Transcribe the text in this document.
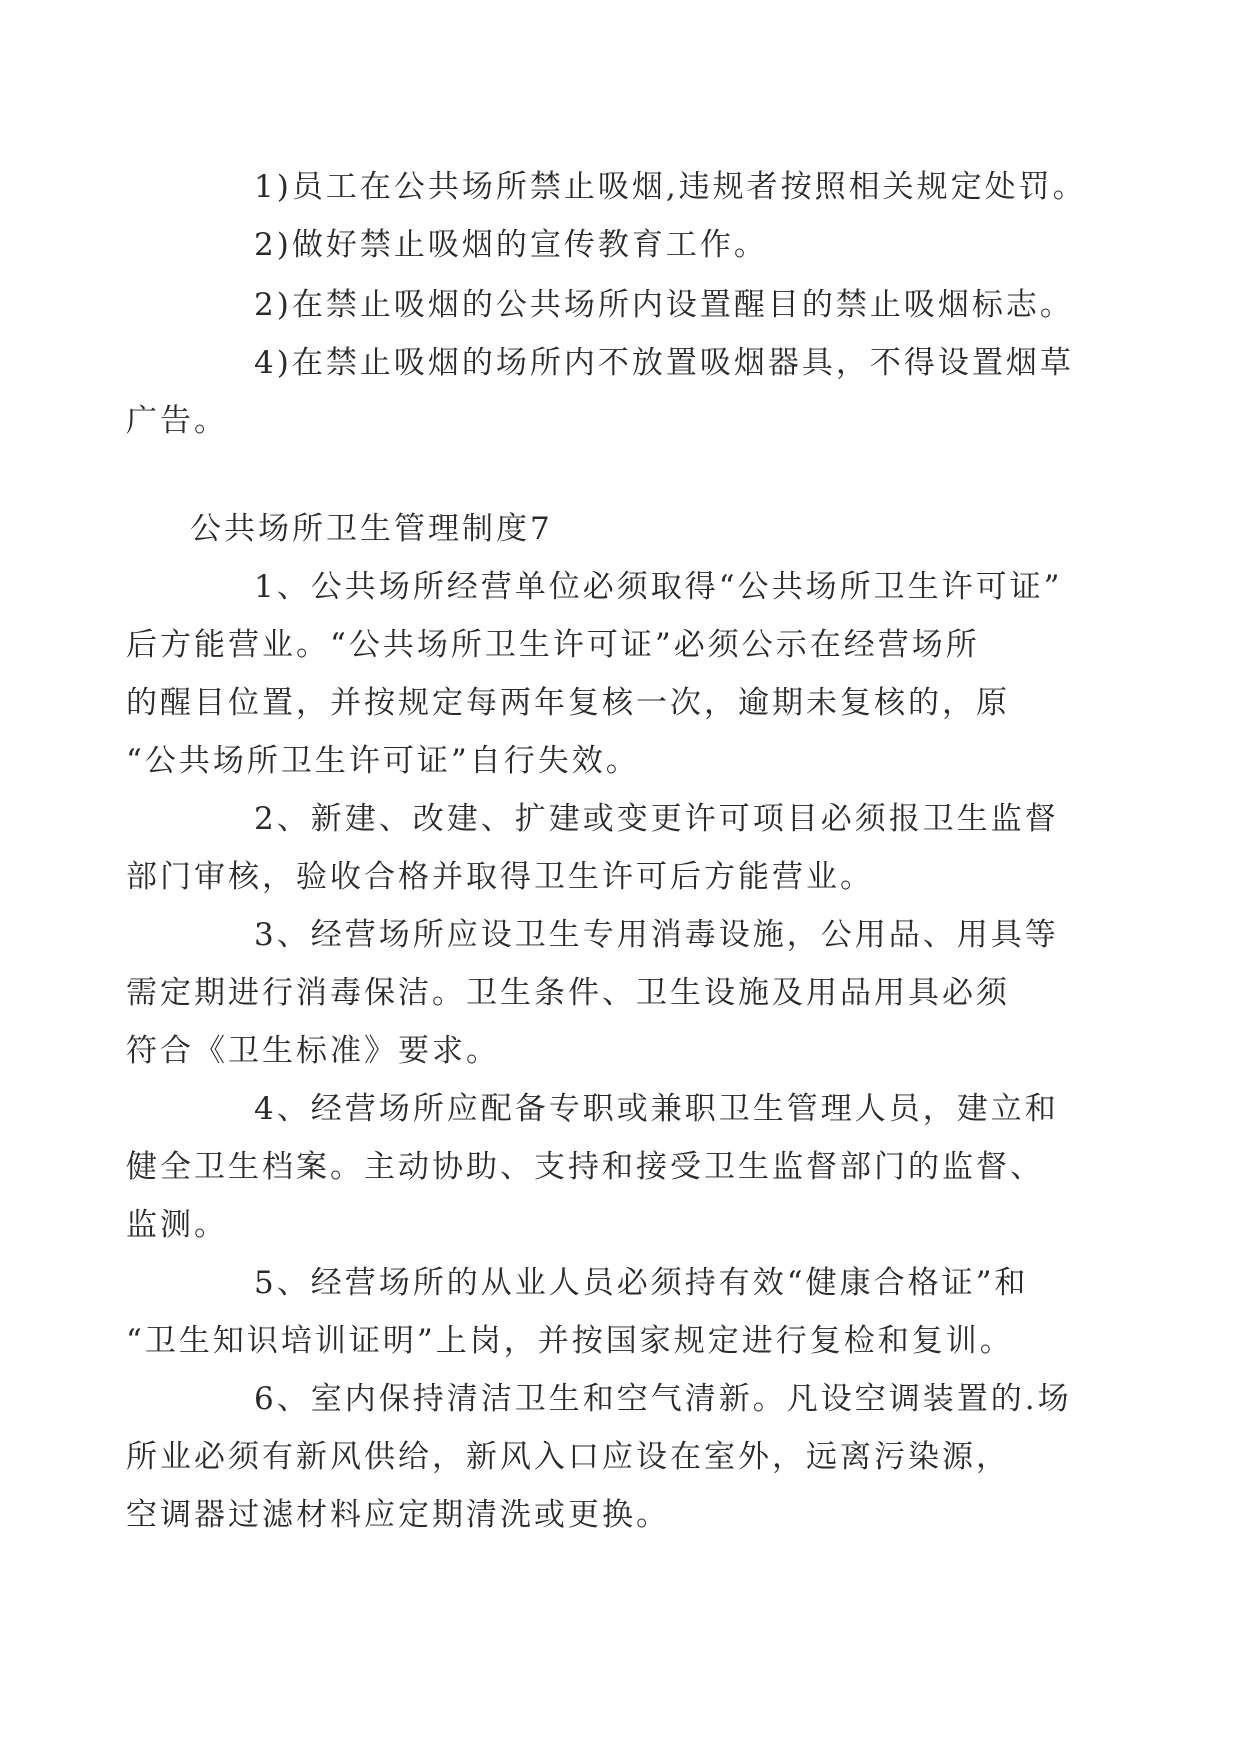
1)员工在公共场所禁止吸烟,违规者按照相关规定处罚。

2)做好禁止吸烟的宣传教育工作。

2)在禁止吸烟的公共场所内设置醒目的禁止吸烟标志。

4)在禁止吸烟的场所内不放置吸烟器具，不得设置烟草
广告。

公共场所卫生管理制度7

1、公共场所经营单位必须取得“公共场所卫生许可证”
后方能营业。“公共场所卫生许可证”必须公示在经营场所
的醒目位置，并按规定每两年复核一次，逾期未复核的，原
“公共场所卫生许可证”自行失效。

2、新建、改建、扩建或变更许可项目必须报卫生监督
部门审核，验收合格并取得卫生许可后方能营业。

3、经营场所应设卫生专用消毒设施，公用品、用具等
需定期进行消毒保洁。卫生条件、卫生设施及用品用具必须
符合《卫生标准》要求。

4、经营场所应配备专职或兼职卫生管理人员，建立和
健全卫生档案。主动协助、支持和接受卫生监督部门的监督、
监测。

5、经营场所的从业人员必须持有效“健康合格证”和
“卫生知识培训证明”上岗，并按国家规定进行复检和复训。

6、室内保持清洁卫生和空气清新。凡设空调装置的.场
所业必须有新风供给，新风入口应设在室外，远离污染源，
空调器过滤材料应定期清洗或更换。
